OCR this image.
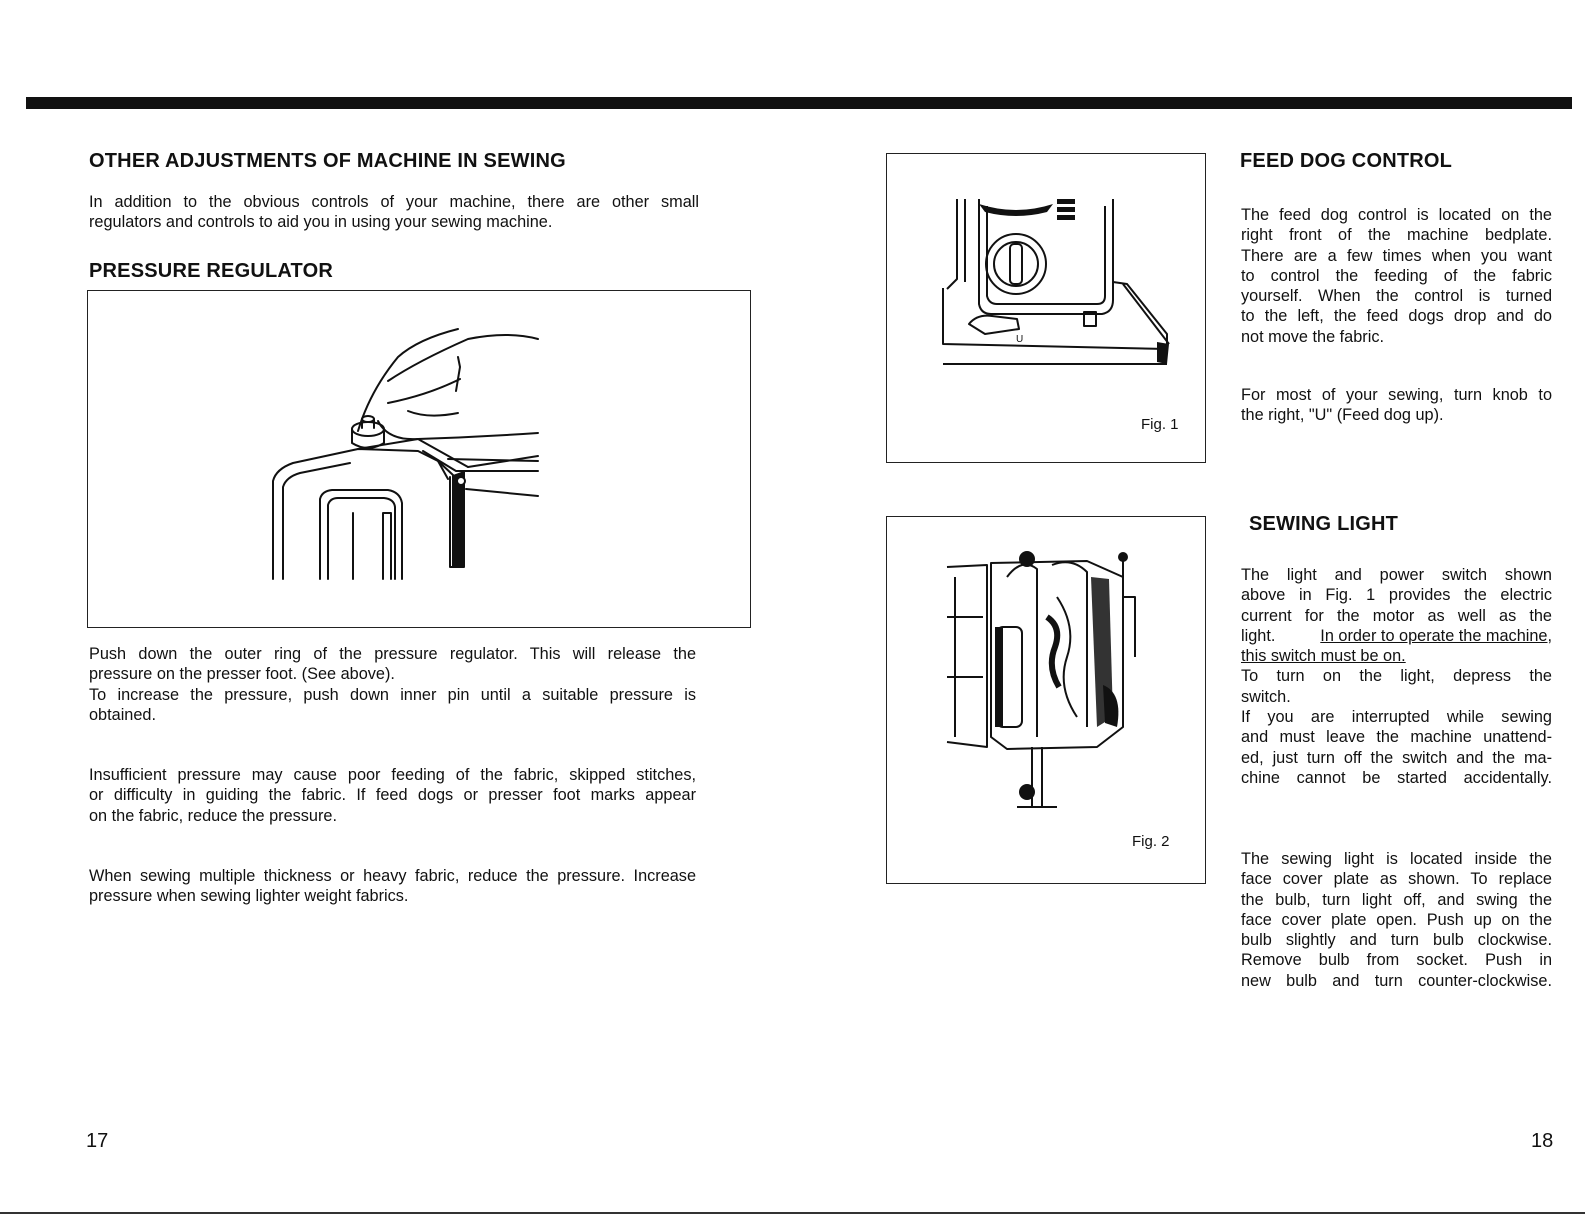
OTHER ADJUSTMENTS OF MACHINE IN SEWING

In addition to the obvious controls of your machine, there are other small
regulators and controls to aid you in using your sewing machine.

PRESSURE REGULATOR

Push down the outer ring of the pressure regulator. This will release the
pressure on the presser foot. (See above).
To increase the pressure, push down inner pin until a suitable pressure is
obtained.

Insufficient pressure may cause poor feeding of the fabric, skipped stitches,
or difficulty in guiding the fabric. If feed dogs or presser foot marks appear
on the fabric, reduce the pressure.

When sewing multiple thickness or heavy fabric, reduce the pressure. Increase
pressure when sewing lighter weight fabrics.

17
U
Fig. 1
Fig. 2
FEED DOG CONTROL

The feed dog control is located on the
right front of the machine bedplate.
There are a few times when you want
to control the feeding of the fabric
yourself. When the control is turned
to the left, the feed dogs drop and do
not move the fabric.

For most of your sewing, turn knob to
the right, "U" (Feed dog up).

SEWING LIGHT

The light and power switch shown
above in Fig. 1 provides the electric
current for the motor as well as the
light.	In order to operate the machine,
this switch must be on.
To turn on the light, depress the
switch.
If you are interrupted while sewing
and must leave the machine unattend-
ed, just turn off the switch and the ma-
chine cannot be started accidentally.

The sewing light is located inside the
face cover plate as shown. To replace
the bulb, turn light off, and swing the
face cover plate open. Push up on the
bulb slightly and turn bulb clockwise.
Remove bulb from socket. Push in
new bulb and turn counter-clockwise.

18
